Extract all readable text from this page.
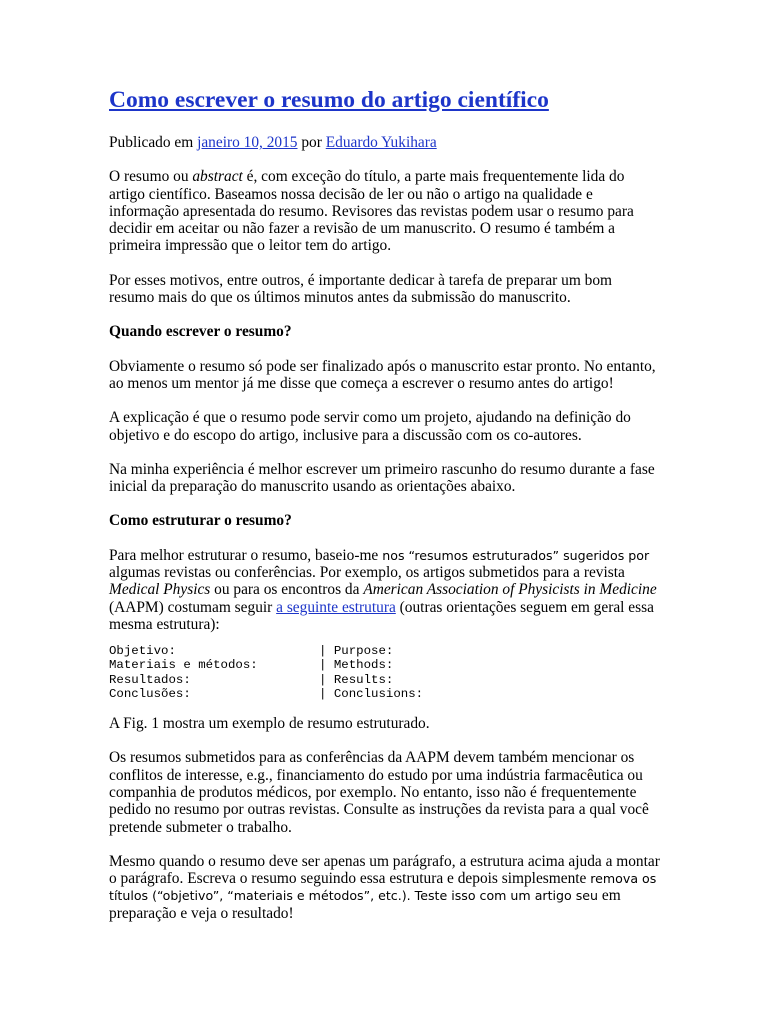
Como escrever o resumo do artigo científico

Publicado em janeiro 10, 2015 por Eduardo Yukihara

O resumo ou abstract é, com exceção do título, a parte mais frequentemente lida do artigo científico. Baseamos nossa decisão de ler ou não o artigo na qualidade e informação apresentada do resumo. Revisores das revistas podem usar o resumo para decidir em aceitar ou não fazer a revisão de um manuscrito. O resumo é também a primeira impressão que o leitor tem do artigo.

Por esses motivos, entre outros, é importante dedicar à tarefa de preparar um bom resumo mais do que os últimos minutos antes da submissão do manuscrito.

Quando escrever o resumo?

Obviamente o resumo só pode ser finalizado após o manuscrito estar pronto. No entanto, ao menos um mentor já me disse que começa a escrever o resumo antes do artigo!

A explicação é que o resumo pode servir como um projeto, ajudando na definição do objetivo e do escopo do artigo, inclusive para a discussão com os co-autores.

Na minha experiência é melhor escrever um primeiro rascunho do resumo durante a fase inicial da preparação do manuscrito usando as orientações abaixo.

Como estruturar o resumo?

Para melhor estruturar o resumo, baseio-me nos “resumos estruturados” sugeridos por algumas revistas ou conferências. Por exemplo, os artigos submetidos para a revista Medical Physics ou para os encontros da American Association of Physicists in Medicine (AAPM) costumam seguir a seguinte estrutura (outras orientações seguem em geral essa mesma estrutura):

Objetivo:	| Purpose:
Materiais e métodos:	| Methods:
Resultados:	| Results:
Conclusões:	| Conclusions:

A Fig. 1 mostra um exemplo de resumo estruturado.

Os resumos submetidos para as conferências da AAPM devem também mencionar os conflitos de interesse, e.g., financiamento do estudo por uma indústria farmacêutica ou companhia de produtos médicos, por exemplo. No entanto, isso não é frequentemente pedido no resumo por outras revistas. Consulte as instruções da revista para a qual você pretende submeter o trabalho.

Mesmo quando o resumo deve ser apenas um parágrafo, a estrutura acima ajuda a montar o parágrafo. Escreva o resumo seguindo essa estrutura e depois simplesmente remova os títulos (“objetivo”, “materiais e métodos”, etc.). Teste isso com um artigo seu em preparação e veja o resultado!
